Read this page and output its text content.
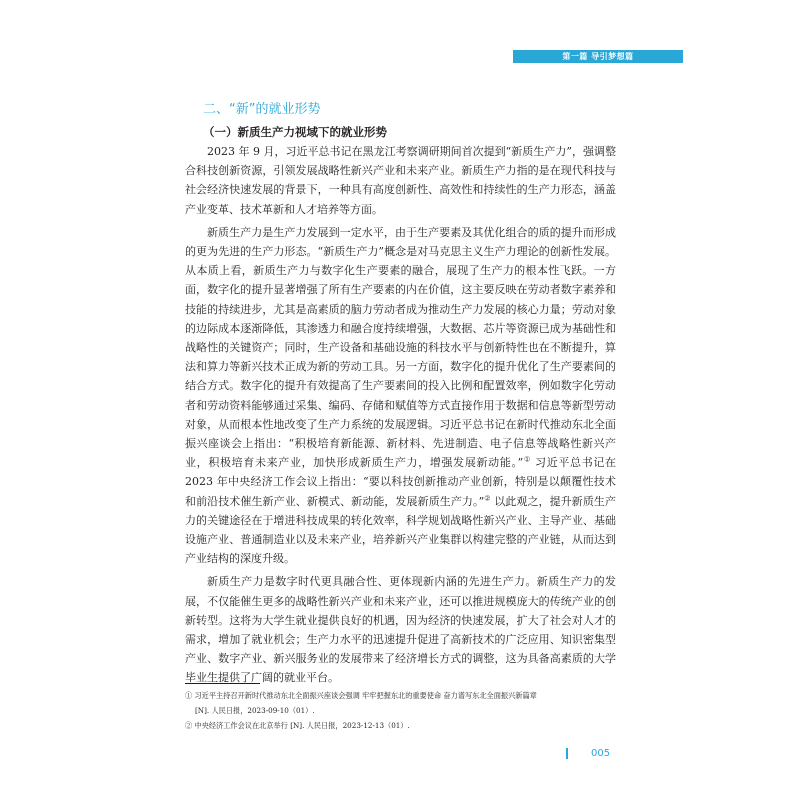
第一篇 导引梦想篇
二、“新”的就业形势
（一）新质生产力视域下的就业形势

2023 年 9 月，习近平总书记在黑龙江考察调研期间首次提到“新质生产力”，强调整合科技创新资源，引领发展战略性新兴产业和未来产业。新质生产力指的是在现代科技与社会经济快速发展的背景下，一种具有高度创新性、高效性和持续性的生产力形态，涵盖产业变革、技术革新和人才培养等方面。

新质生产力是生产力发展到一定水平，由于生产要素及其优化组合的质的提升而形成的更为先进的生产力形态。“新质生产力”概念是对马克思主义生产力理论的创新性发展。从本质上看，新质生产力与数字化生产要素的融合，展现了生产力的根本性飞跃。一方面，数字化的提升显著增强了所有生产要素的内在价值，这主要反映在劳动者数字素养和技能的持续进步，尤其是高素质的脑力劳动者成为推动生产力发展的核心力量；劳动对象的边际成本逐渐降低，其渗透力和融合度持续增强，大数据、芯片等资源已成为基础性和战略性的关键资产；同时，生产设备和基础设施的科技水平与创新特性也在不断提升，算法和算力等新兴技术正成为新的劳动工具。另一方面，数字化的提升优化了生产要素间的结合方式。数字化的提升有效提高了生产要素间的投入比例和配置效率，例如数字化劳动者和劳动资料能够通过采集、编码、存储和赋值等方式直接作用于数据和信息等新型劳动对象，从而根本性地改变了生产力系统的发展逻辑。习近平总书记在新时代推动东北全面振兴座谈会上指出：“积极培育新能源、新材料、先进制造、电子信息等战略性新兴产业，积极培育未来产业，加快形成新质生产力，增强发展新动能。”① 习近平总书记在 2023 年中央经济工作会议上指出：“要以科技创新推动产业创新，特别是以颠覆性技术和前沿技术催生新产业、新模式、新动能，发展新质生产力。”② 以此观之，提升新质生产力的关键途径在于增进科技成果的转化效率，科学规划战略性新兴产业、主导产业、基础设施产业、普通制造业以及未来产业，培养新兴产业集群以构建完整的产业链，从而达到产业结构的深度升级。

新质生产力是数字时代更具融合性、更体现新内涵的先进生产力。新质生产力的发展，不仅能催生更多的战略性新兴产业和未来产业，还可以推进规模庞大的传统产业的创新转型。这将为大学生就业提供良好的机遇，因为经济的快速发展，扩大了社会对人才的需求，增加了就业机会；生产力水平的迅速提升促进了高新技术的广泛应用、知识密集型产业、数字产业、新兴服务业的发展带来了经济增长方式的调整，这为具备高素质的大学毕业生提供了广阔的就业平台。

① 习近平主持召开新时代推动东北全面振兴座谈会强调 牢牢把握东北的重要使命 奋力谱写东北全面振兴新篇章
[N]. 人民日报，2023-09-10（01）.
② 中央经济工作会议在北京举行 [N]. 人民日报，2023-12-13（01）.
005
